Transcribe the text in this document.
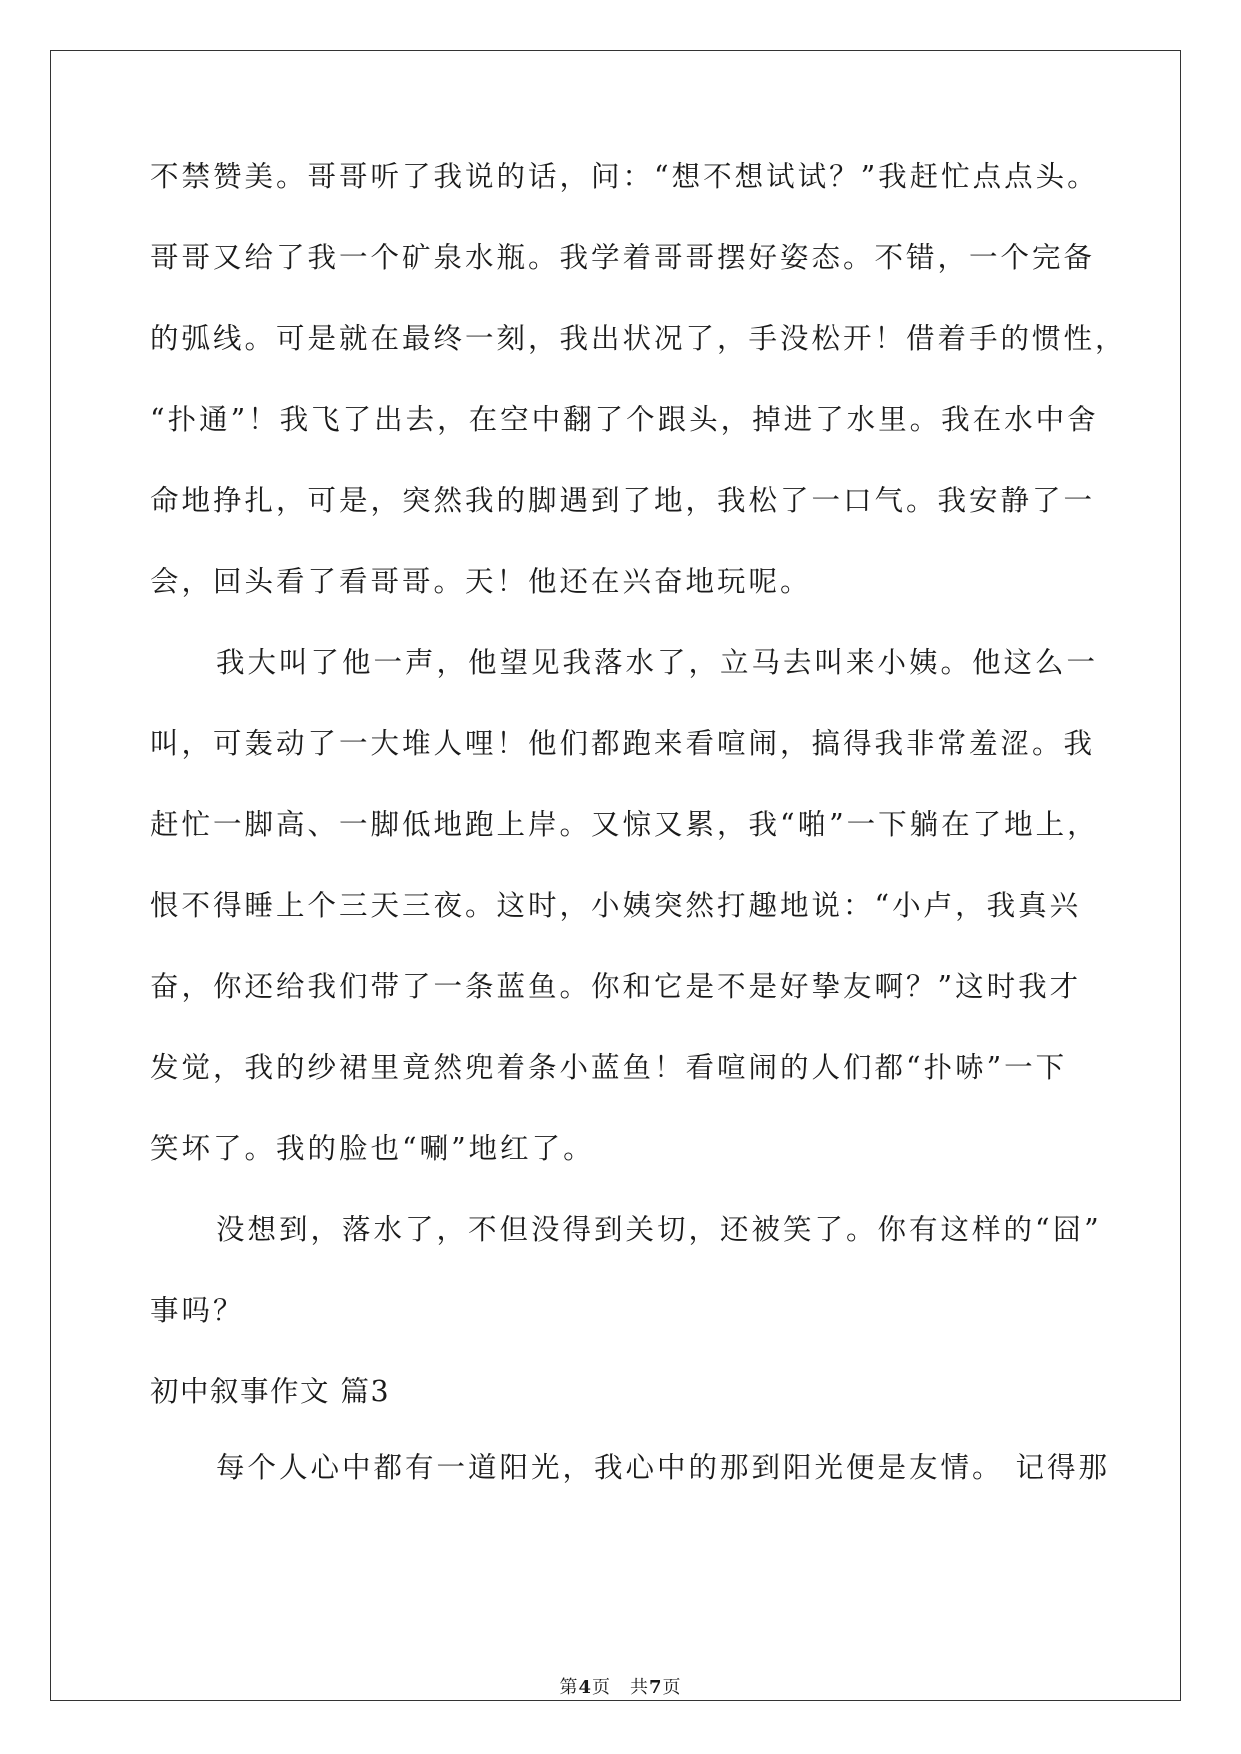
不禁赞美。哥哥听了我说的话，问：“想不想试试？”我赶忙点点头。
哥哥又给了我一个矿泉水瓶。我学着哥哥摆好姿态。不错，一个完备
的弧线。可是就在最终一刻，我出状况了，手没松开！借着手的惯性，
“扑通”！我飞了出去，在空中翻了个跟头，掉进了水里。我在水中舍
命地挣扎，可是，突然我的脚遇到了地，我松了一口气。我安静了一
会，回头看了看哥哥。天！他还在兴奋地玩呢。
我大叫了他一声，他望见我落水了，立马去叫来小姨。他这么一
叫，可轰动了一大堆人哩！他们都跑来看喧闹，搞得我非常羞涩。我
赶忙一脚高、一脚低地跑上岸。又惊又累，我“啪”一下躺在了地上，
恨不得睡上个三天三夜。这时，小姨突然打趣地说：“小卢，我真兴
奋，你还给我们带了一条蓝鱼。你和它是不是好挚友啊？”这时我才
发觉，我的纱裙里竟然兜着条小蓝鱼！看喧闹的人们都“扑哧”一下
笑坏了。我的脸也“唰”地红了。
没想到，落水了，不但没得到关切，还被笑了。你有这样的“囧”
事吗？
初中叙事作文 篇3
每个人心中都有一道阳光，我心中的那到阳光便是友情。 记得那
第4页　共7页
